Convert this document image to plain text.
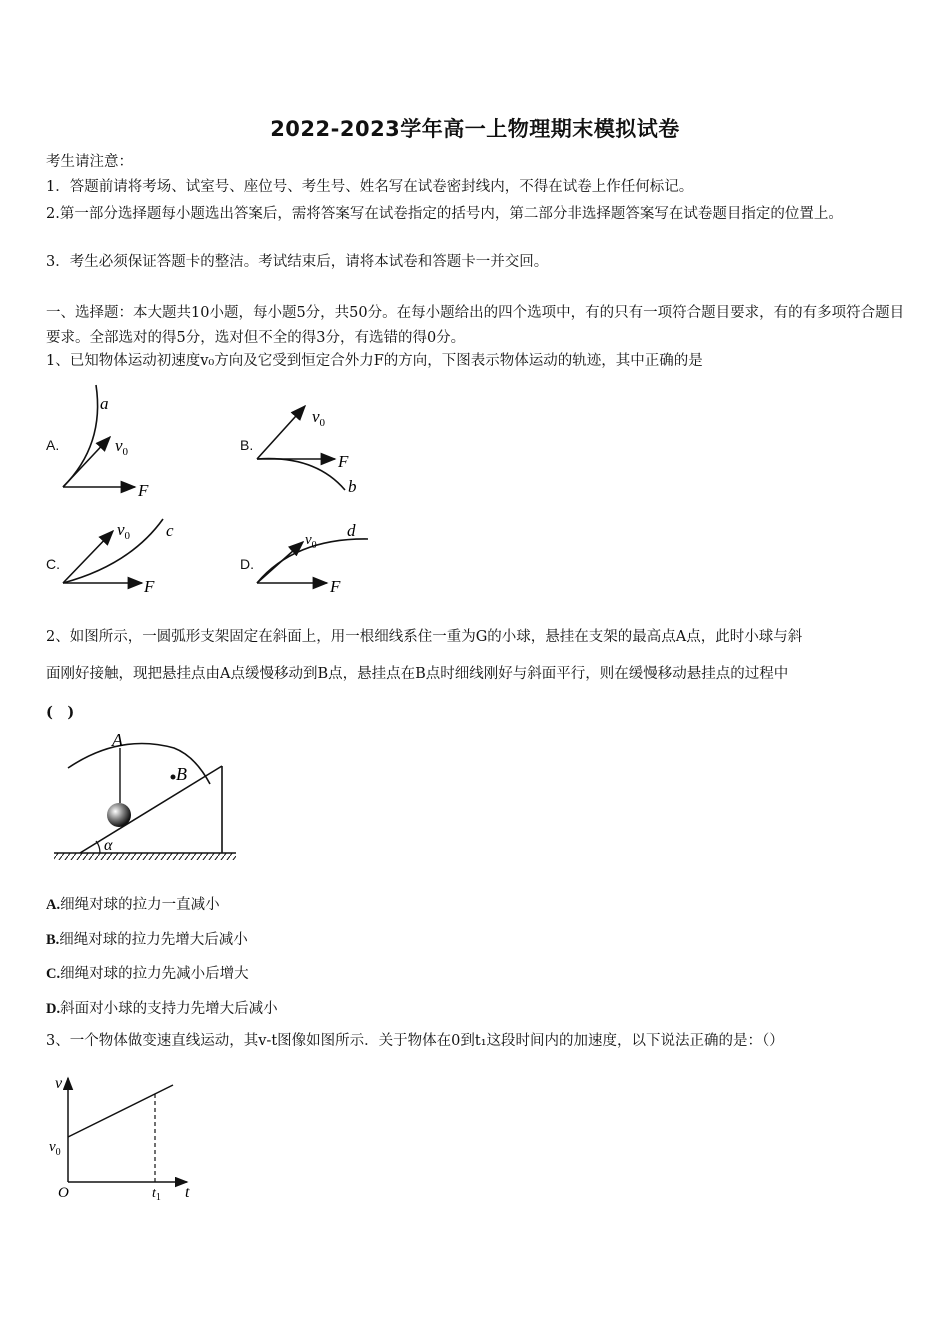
2022-2023学年高一上物理期末模拟试卷
考生请注意：
1．答题前请将考场、试室号、座位号、考生号、姓名写在试卷密封线内，不得在试卷上作任何标记。
2.第一部分选择题每小题选出答案后，需将答案写在试卷指定的括号内，第二部分非选择题答案写在试卷题目指定的位置上。
3．考生必须保证答题卡的整洁。考试结束后，请将本试卷和答题卡一并交回。
一、选择题：本大题共10小题，每小题5分，共50分。在每小题给出的四个选项中，有的只有一项符合题目要求，有的有多项符合题目要求。全部选对的得5分，选对但不全的得3分，有选错的得0分。
1、已知物体运动初速度v₀方向及它受到恒定合外力F的方向，下图表示物体运动的轨迹，其中正确的是
A.
a
$v_0$
F
B.
$v_0$
F
b
C.
$v_0$ c
F
D.
$v_0$
d
F
2、如图所示，一圆弧形支架固定在斜面上，用一根细线系住一重为G的小球，悬挂在支架的最高点A点，此时小球与斜
面刚好接触，现把悬挂点由A点缓慢移动到B点，悬挂点在B点时细线刚好与斜面平行，则在缓慢移动悬挂点的过程中
(　)
A
B
α
A.细绳对球的拉力一直减小
B.细绳对球的拉力先增大后减小
C.细绳对球的拉力先减小后增大
D.斜面对小球的支持力先增大后减小
3、一个物体做变速直线运动，其v-t图像如图所示．关于物体在0到t₁这段时间内的加速度，以下说法正确的是：（）
v
$v_0$
O	t
$t_1$
